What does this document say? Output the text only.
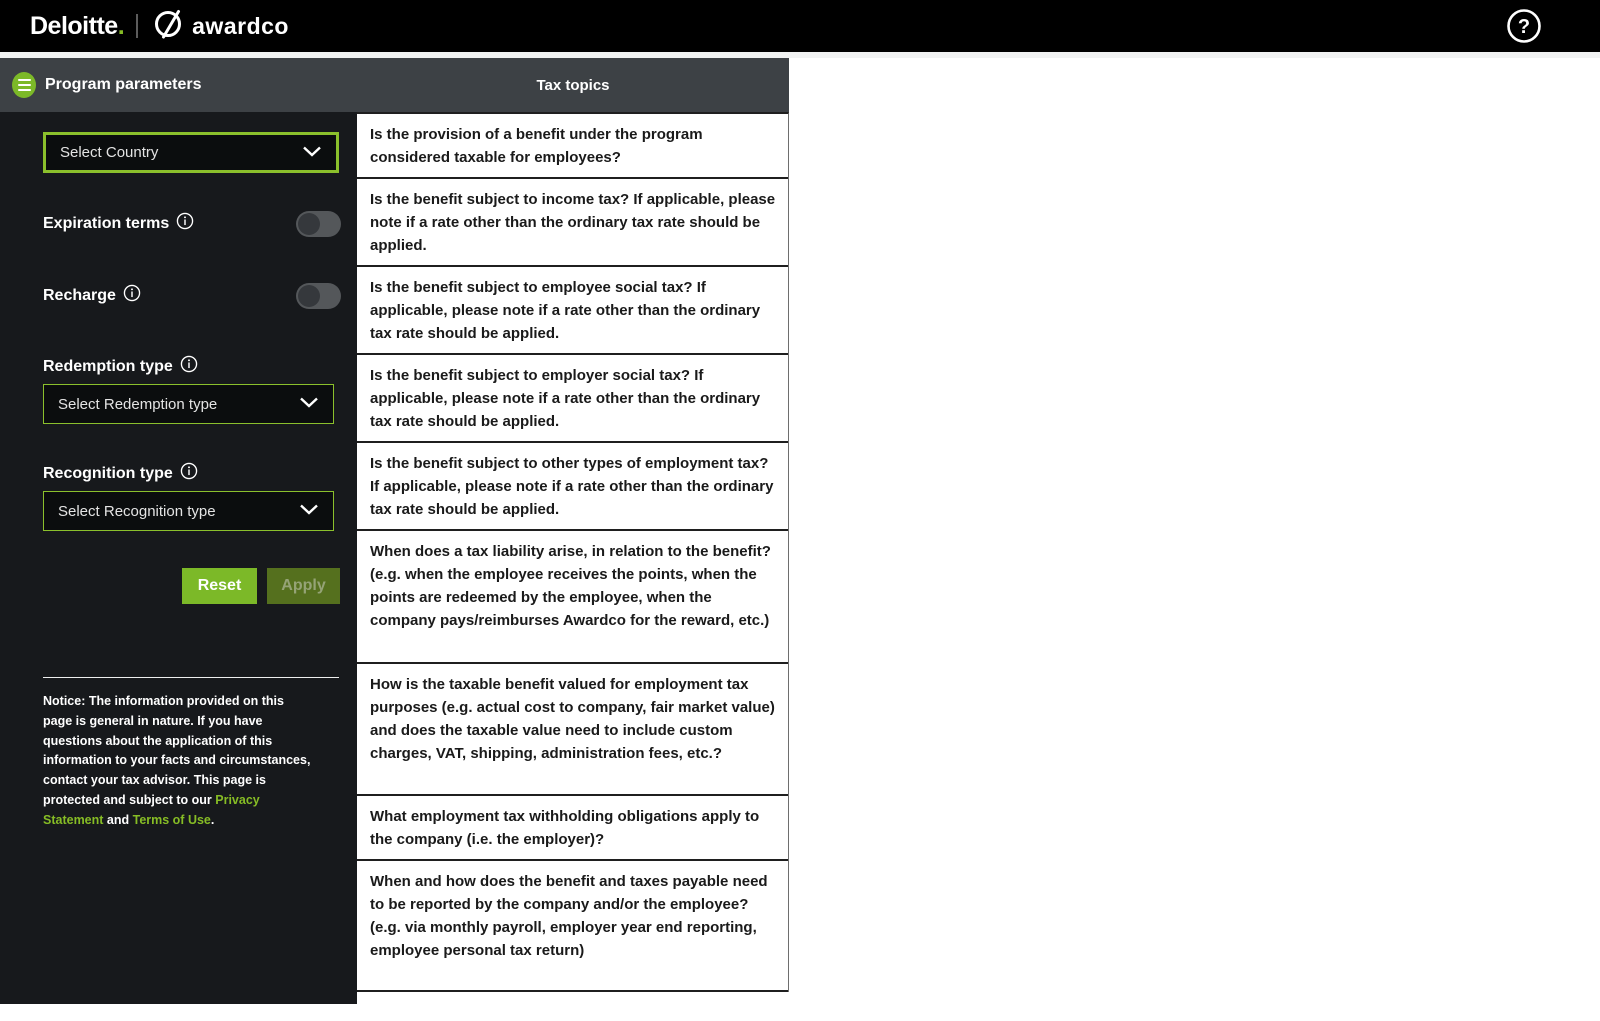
Deloitte.	awardco	?
Program parameters	Tax topics
Select Country
Expiration terms
Recharge
Redemption type
Select Redemption type
Recognition type
Select Recognition type
Reset	Apply
Notice: The information provided on this page is general in nature. If you have questions about the application of this information to your facts and circumstances, contact your tax advisor. This page is protected and subject to our Privacy Statement and Terms of Use.
Is the provision of a benefit under the program considered taxable for employees?
Is the benefit subject to income tax? If applicable, please note if a rate other than the ordinary tax rate should be applied.
Is the benefit subject to employee social tax? If applicable, please note if a rate other than the ordinary tax rate should be applied.
Is the benefit subject to employer social tax? If applicable, please note if a rate other than the ordinary tax rate should be applied.
Is the benefit subject to other types of employment tax? If applicable, please note if a rate other than the ordinary tax rate should be applied.
When does a tax liability arise, in relation to the benefit? (e.g. when the employee receives the points, when the points are redeemed by the employee, when the company pays/reimburses Awardco for the reward, etc.)
How is the taxable benefit valued for employment tax purposes (e.g. actual cost to company, fair market value) and does the taxable value need to include custom charges, VAT, shipping, administration fees, etc.?
What employment tax withholding obligations apply to the company (i.e. the employer)?
When and how does the benefit and taxes payable need to be reported by the company and/or the employee? (e.g. via monthly payroll, employer year end reporting, employee personal tax return)
